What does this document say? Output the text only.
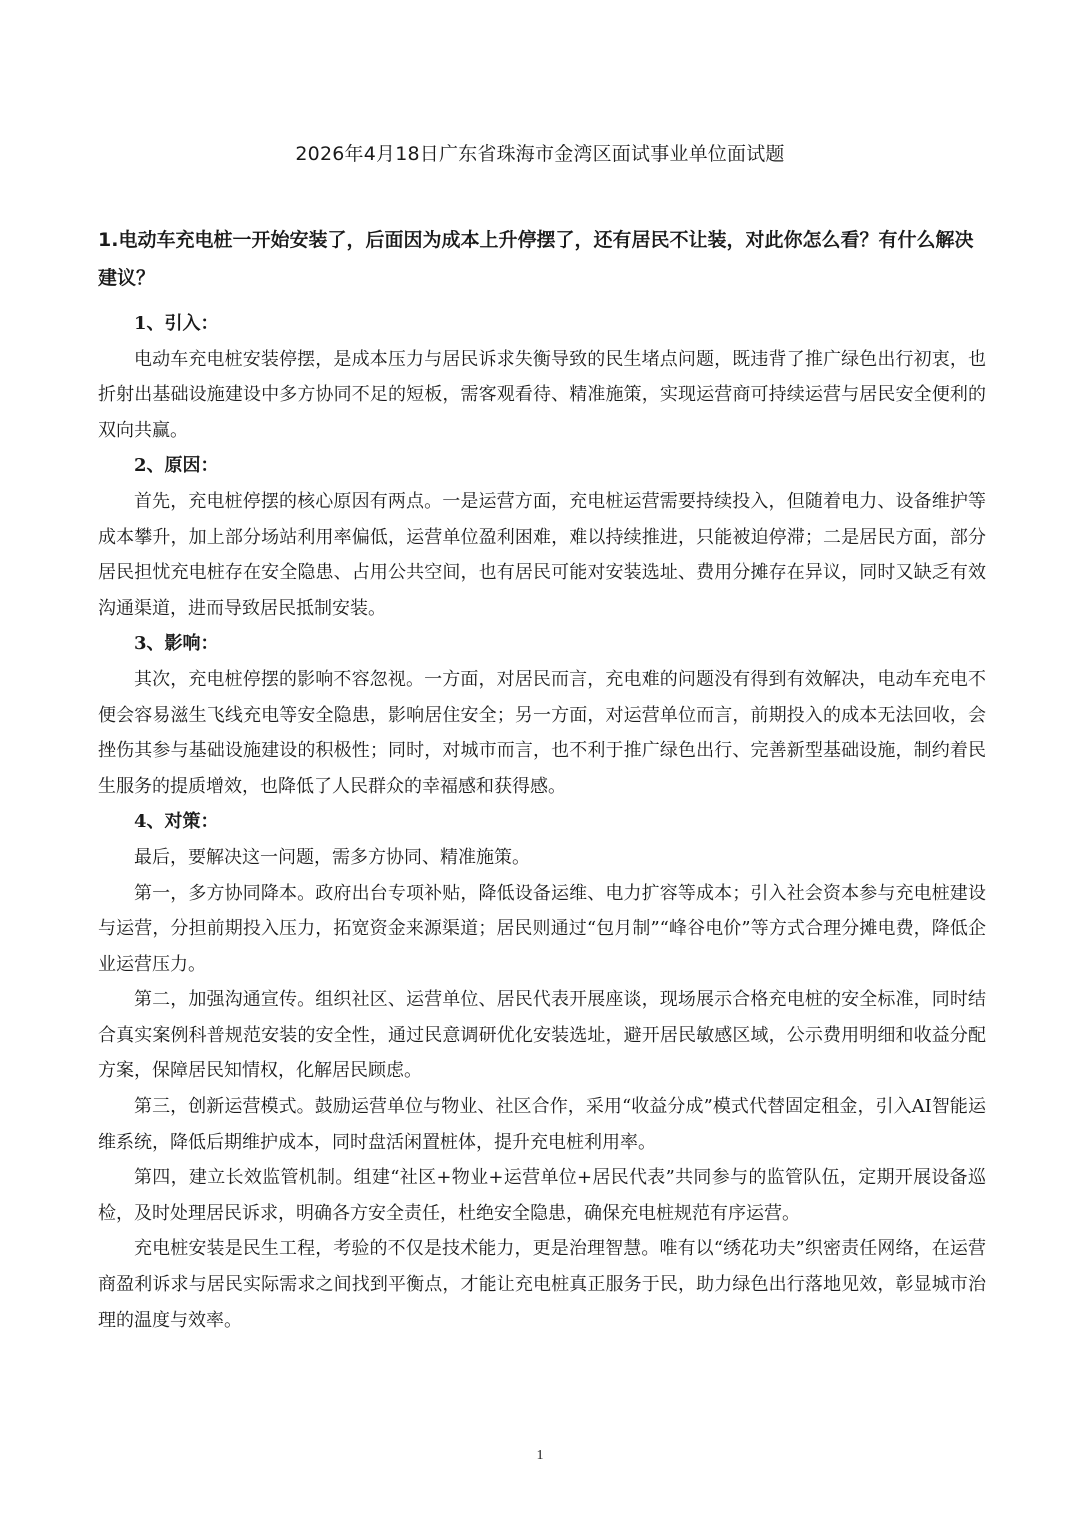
2026年4月18日广东省珠海市金湾区面试事业单位面试题

1.电动车充电桩一开始安装了，后面因为成本上升停摆了，还有居民不让装，对此你怎么看？有什么解决建议？

1、引入：

电动车充电桩安装停摆，是成本压力与居民诉求失衡导致的民生堵点问题，既违背了推广绿色出行初衷，也折射出基础设施建设中多方协同不足的短板，需客观看待、精准施策，实现运营商可持续运营与居民安全便利的双向共赢。

2、原因：

首先，充电桩停摆的核心原因有两点。一是运营方面，充电桩运营需要持续投入，但随着电力、设备维护等成本攀升，加上部分场站利用率偏低，运营单位盈利困难，难以持续推进，只能被迫停滞；二是居民方面，部分居民担忧充电桩存在安全隐患、占用公共空间，也有居民可能对安装选址、费用分摊存在异议，同时又缺乏有效沟通渠道，进而导致居民抵制安装。

3、影响：

其次，充电桩停摆的影响不容忽视。一方面，对居民而言，充电难的问题没有得到有效解决，电动车充电不便会容易滋生飞线充电等安全隐患，影响居住安全；另一方面，对运营单位而言，前期投入的成本无法回收，会挫伤其参与基础设施建设的积极性；同时，对城市而言，也不利于推广绿色出行、完善新型基础设施，制约着民生服务的提质增效，也降低了人民群众的幸福感和获得感。

4、对策：

最后，要解决这一问题，需多方协同、精准施策。

第一，多方协同降本。政府出台专项补贴，降低设备运维、电力扩容等成本；引入社会资本参与充电桩建设与运营，分担前期投入压力，拓宽资金来源渠道；居民则通过“包月制”“峰谷电价”等方式合理分摊电费，降低企业运营压力。

第二，加强沟通宣传。组织社区、运营单位、居民代表开展座谈，现场展示合格充电桩的安全标准，同时结合真实案例科普规范安装的安全性，通过民意调研优化安装选址，避开居民敏感区域，公示费用明细和收益分配方案，保障居民知情权，化解居民顾虑。

第三，创新运营模式。鼓励运营单位与物业、社区合作，采用“收益分成”模式代替固定租金，引入AI智能运维系统，降低后期维护成本，同时盘活闲置桩体，提升充电桩利用率。

第四，建立长效监管机制。组建“社区+物业+运营单位+居民代表”共同参与的监管队伍，定期开展设备巡检，及时处理居民诉求，明确各方安全责任，杜绝安全隐患，确保充电桩规范有序运营。

充电桩安装是民生工程，考验的不仅是技术能力，更是治理智慧。唯有以“绣花功夫”织密责任网络，在运营商盈利诉求与居民实际需求之间找到平衡点，才能让充电桩真正服务于民，助力绿色出行落地见效，彰显城市治理的温度与效率。

1
